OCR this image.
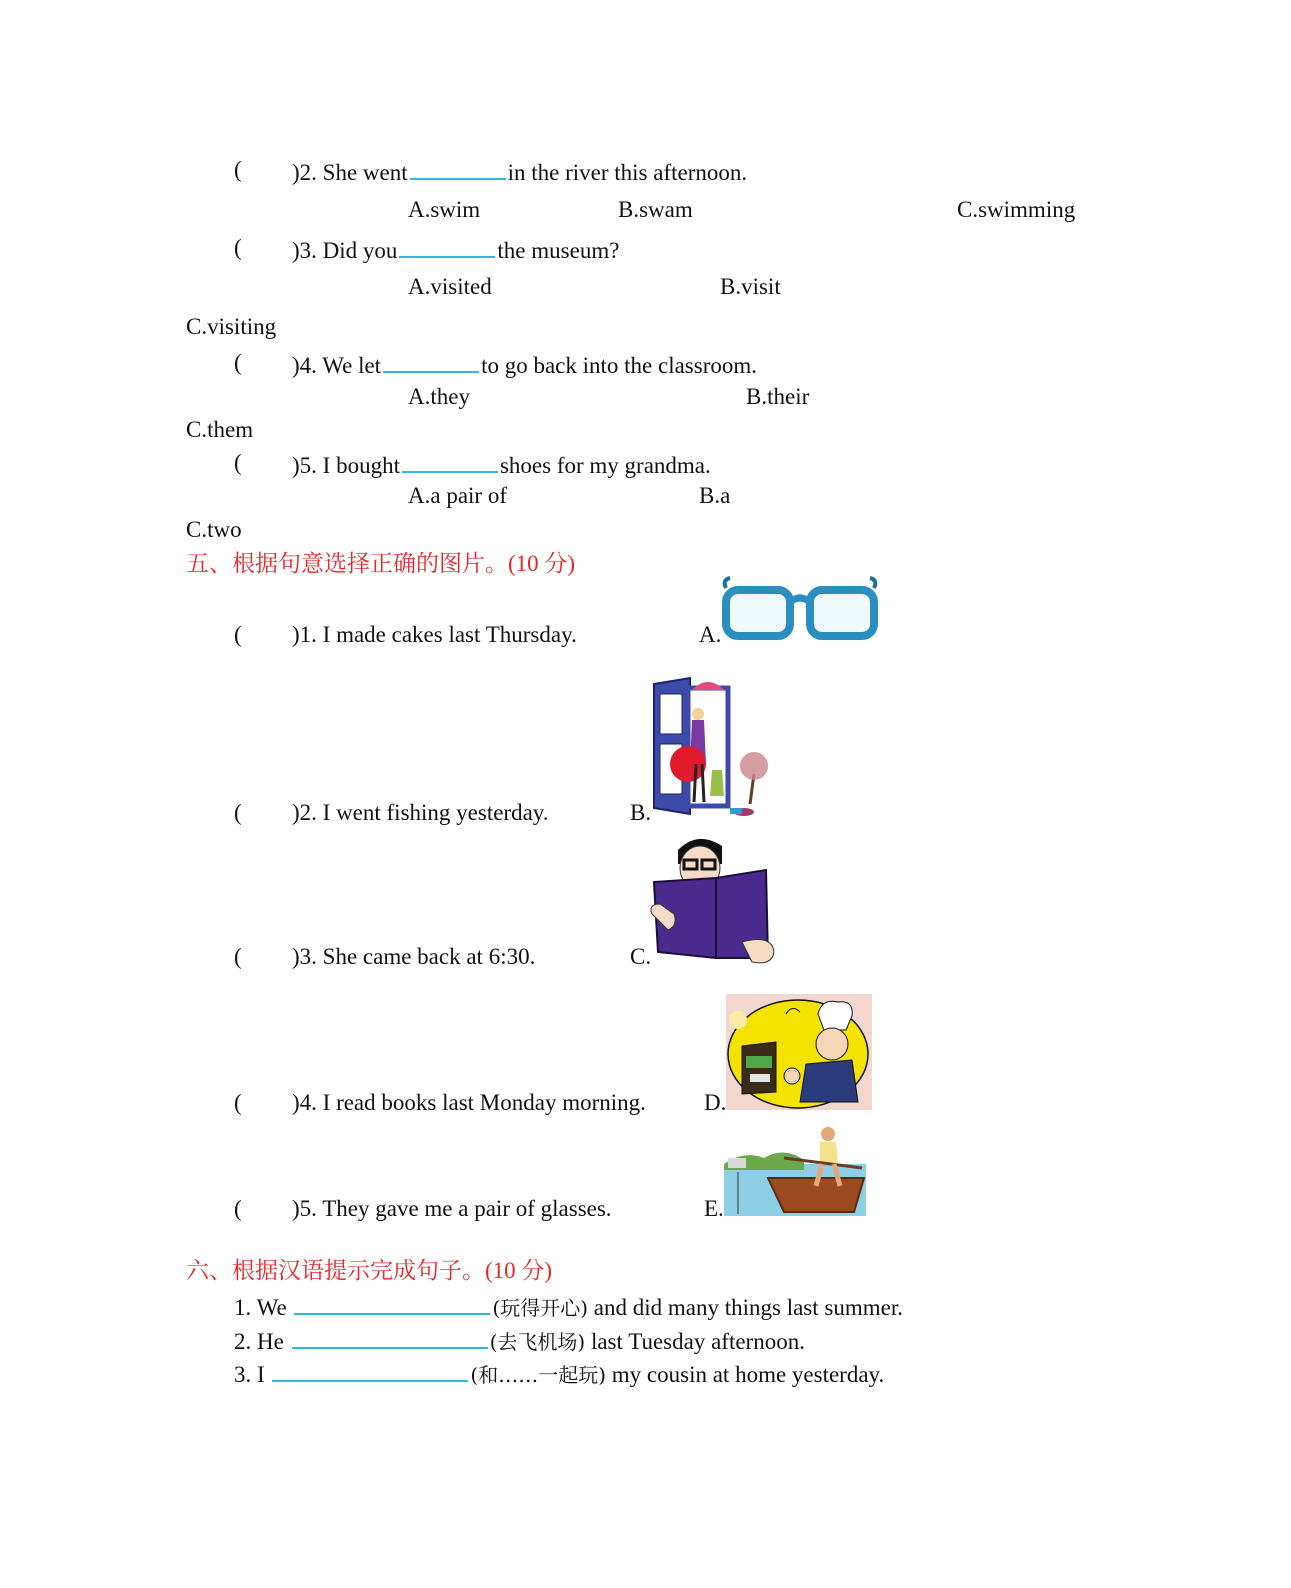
( )2. She went	in the river this afternoon.
A.swim	B.swam	C.swimming
( )3. Did you	the museum?
A.visited	B.visit
C.visiting
( )4. We let	to go back into the classroom.
A.they	B.their
C.them
( )5. I bought	shoes for my grandma.
A.a pair of	B.a
C.two
五、根据句意选择正确的图片。(10 分)
( )1. I made cakes last Thursday.	A.
( )2. I went fishing yesterday.	B.
( )3. She came back at 6:30.	C.
( )4. I read books last Monday morning.	D.
( )5. They gave me a pair of glasses.	E.
六、根据汉语提示完成句子。(10 分)
1. We	(玩得开心) and did many things last summer.
2. He	(去飞机场) last Tuesday afternoon.
3. I	(和……一起玩) my cousin at home yesterday.
